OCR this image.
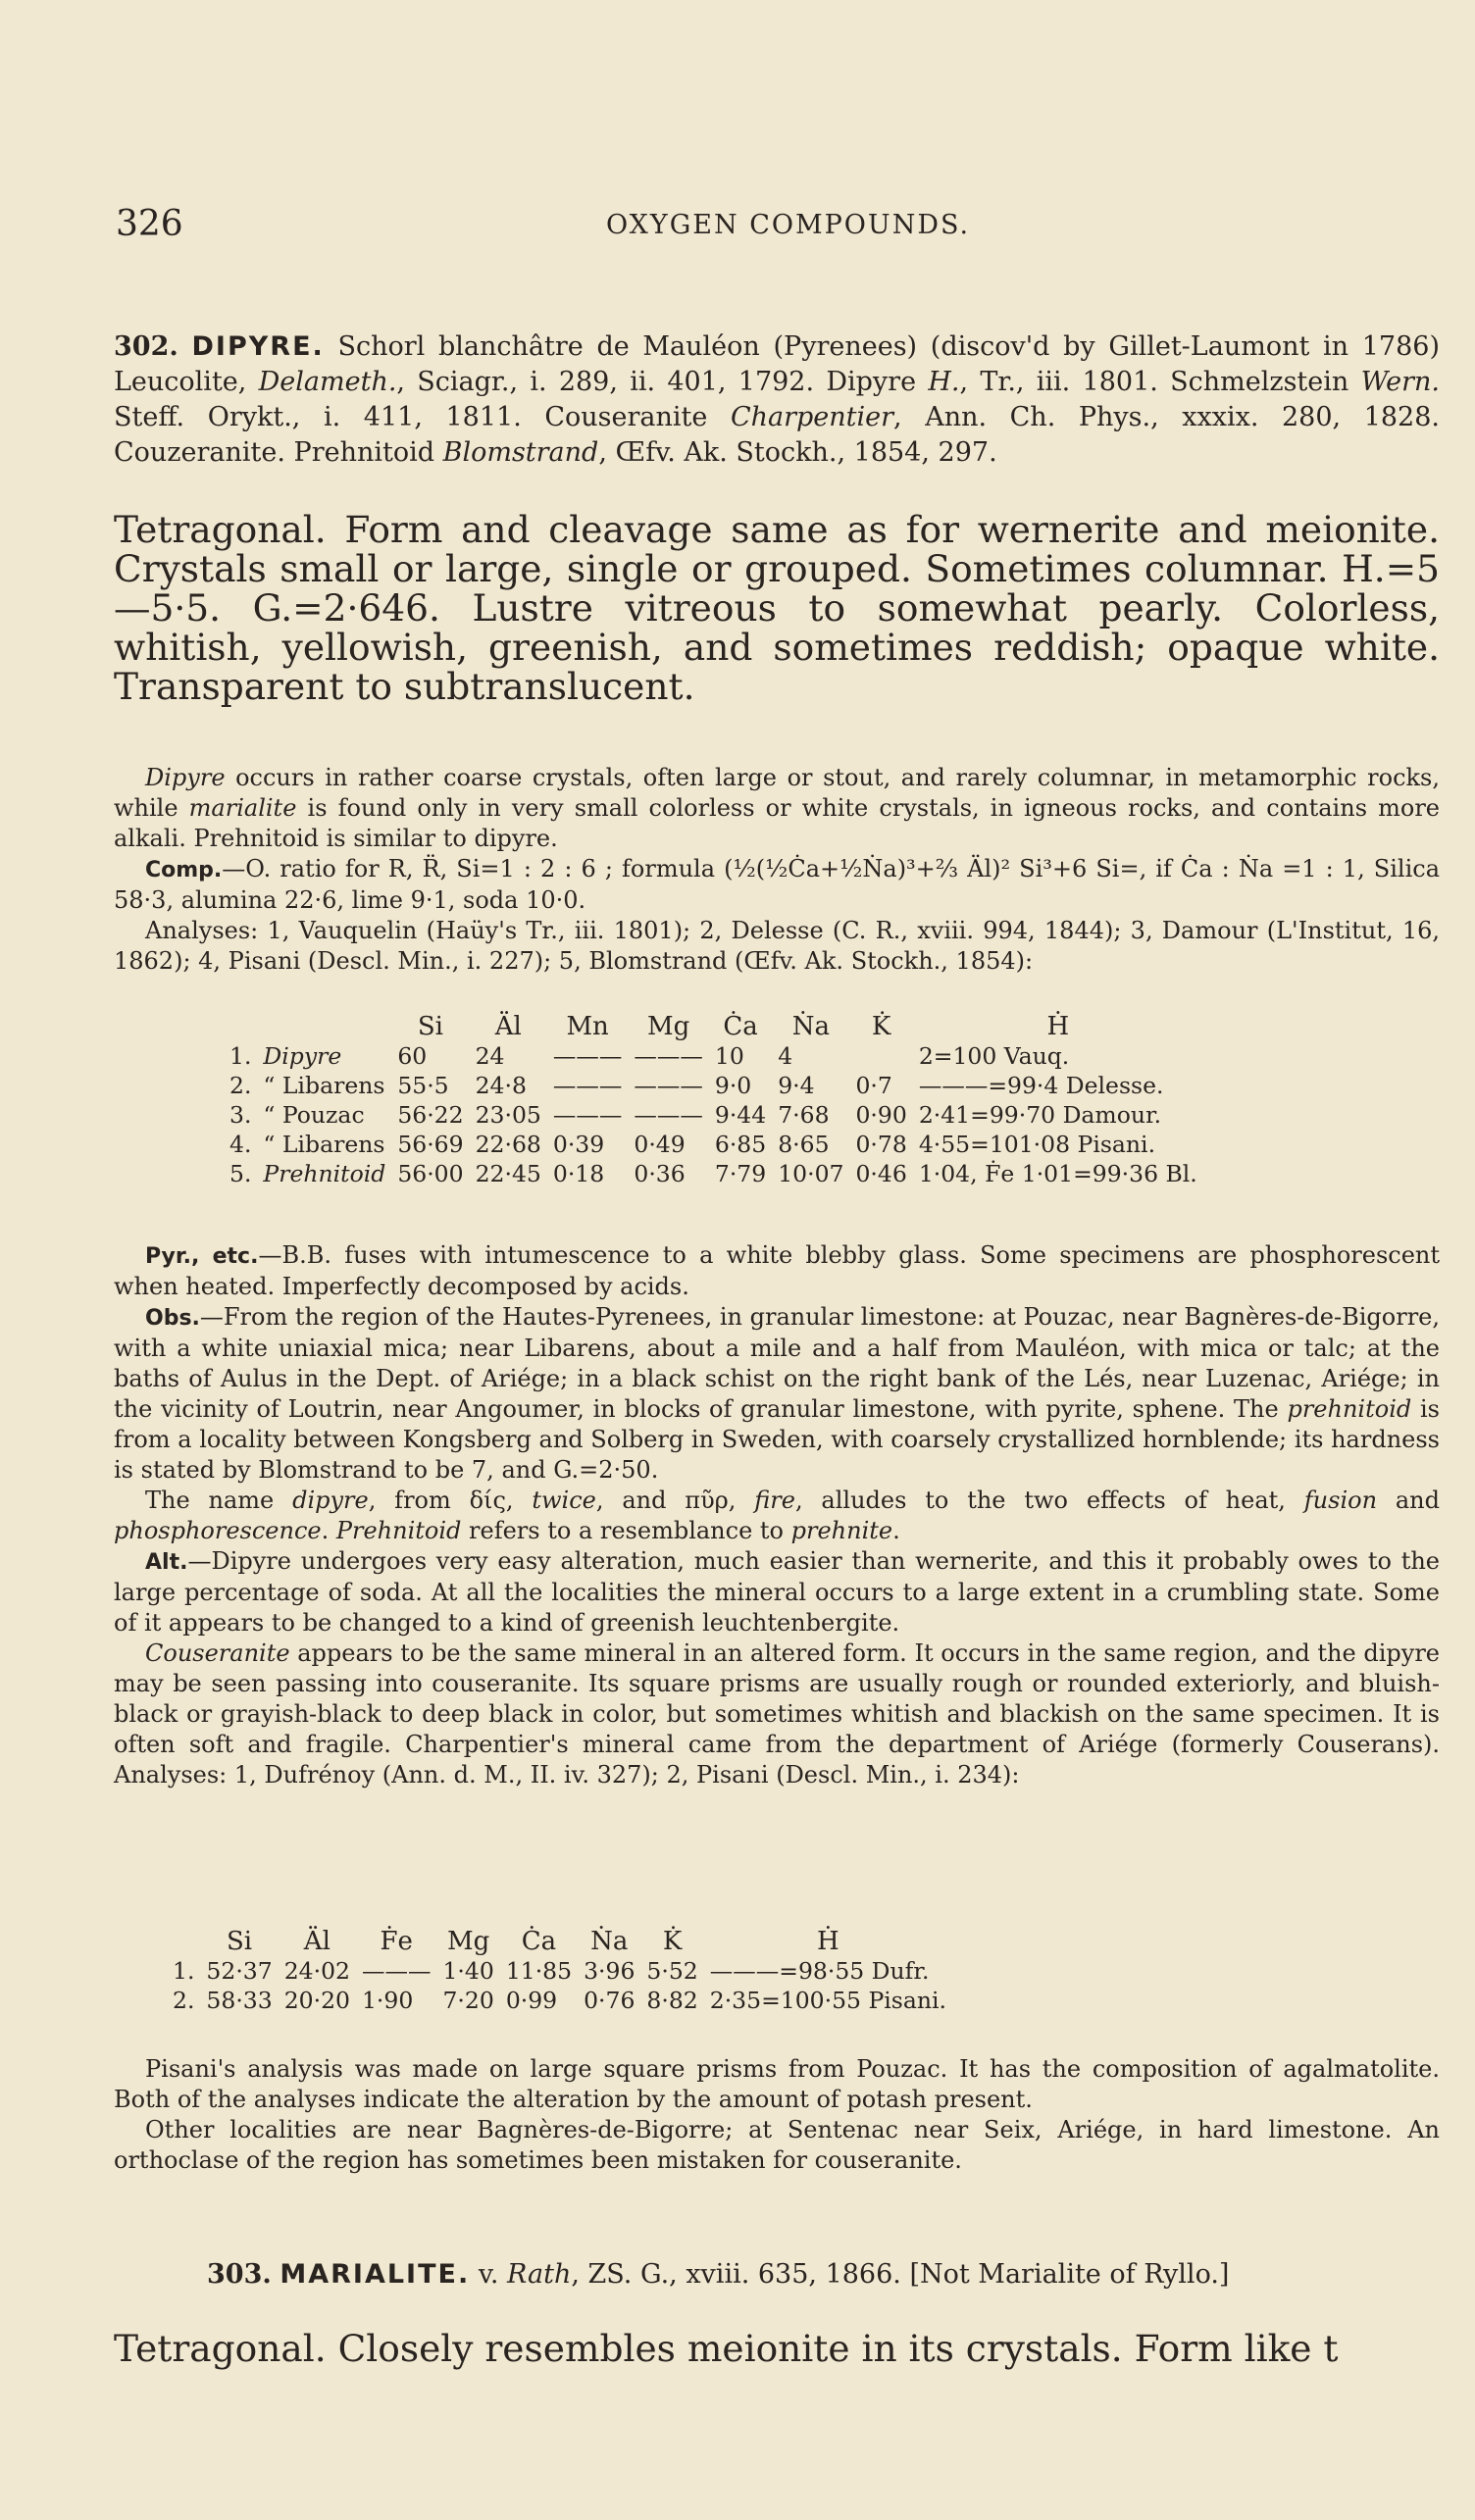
326	OXYGEN COMPOUNDS.

302. DIPYRE. Schorl blanchâtre de Mauléon (Pyrenees) (discov'd by Gillet-Laumont in 1786) Leucolite, Delameth., Sciagr., i. 289, ii. 401, 1792. Dipyre H., Tr., iii. 1801. Schmelzstein Wern. Steff. Orykt., i. 411, 1811. Couseranite Charpentier, Ann. Ch. Phys., xxxix. 280, 1828. Couzeranite. Prehnitoid Blomstrand, Œfv. Ak. Stockh., 1854, 297.

Tetragonal. Form and cleavage same as for wernerite and meionite. Crystals small or large, single or grouped. Sometimes columnar. H.=5—5·5. G.=2·646. Lustre vitreous to somewhat pearly. Colorless, whitish, yellowish, greenish, and sometimes reddish; opaque white. Transparent to subtranslucent.

Dipyre occurs in rather coarse crystals, often large or stout, and rarely columnar, in metamorphic rocks, while marialite is found only in very small colorless or white crystals, in igneous rocks, and contains more alkali. Prehnitoid is similar to dipyre.

Comp.—O. ratio for R, R̈, Si=1 : 2 : 6 ; formula (½(½Ċa+½Ṅa)³+⅔ Äl)² Si³+6 Si=, if Ċa : Ṅa =1 : 1, Silica 58·3, alumina 22·6, lime 9·1, soda 10·0.

Analyses: 1, Vauquelin (Haüy's Tr., iii. 1801); 2, Delesse (C. R., xviii. 994, 1844); 3, Damour (L'Institut, 16, 1862); 4, Pisani (Descl. Min., i. 227); 5, Blomstrand (Œfv. Ak. Stockh., 1854):

		Si	Äl	Mn	Mg	Ċa	Ṅa	K̇	Ḣ
1.	Dipyre	60	24	———	———	10	4		2=100 Vauq.
2.	“ Libarens	55·5	24·8	———	———	9·0	9·4	0·7	———=99·4 Delesse.
3.	“ Pouzac	56·22	23·05	———	———	9·44	7·68	0·90	2·41=99·70 Damour.
4.	“ Libarens	56·69	22·68	0·39	0·49	6·85	8·65	0·78	4·55=101·08 Pisani.
5.	Prehnitoid	56·00	22·45	0·18	0·36	7·79	10·07	0·46	1·04, Ḟe 1·01=99·36 Bl.

Pyr., etc.—B.B. fuses with intumescence to a white blebby glass. Some specimens are phosphorescent when heated. Imperfectly decomposed by acids.

Obs.—From the region of the Hautes-Pyrenees, in granular limestone: at Pouzac, near Bagnères-de-Bigorre, with a white uniaxial mica; near Libarens, about a mile and a half from Mauléon, with mica or talc; at the baths of Aulus in the Dept. of Ariége; in a black schist on the right bank of the Lés, near Luzenac, Ariége; in the vicinity of Loutrin, near Angoumer, in blocks of granular limestone, with pyrite, sphene. The prehnitoid is from a locality between Kongsberg and Solberg in Sweden, with coarsely crystallized hornblende; its hardness is stated by Blomstrand to be 7, and G.=2·50.

The name dipyre, from δίς, twice, and πῦρ, fire, alludes to the two effects of heat, fusion and phosphorescence. Prehnitoid refers to a resemblance to prehnite.

Alt.—Dipyre undergoes very easy alteration, much easier than wernerite, and this it probably owes to the large percentage of soda. At all the localities the mineral occurs to a large extent in a crumbling state. Some of it appears to be changed to a kind of greenish leuchtenbergite.

Couseranite appears to be the same mineral in an altered form. It occurs in the same region, and the dipyre may be seen passing into couseranite. Its square prisms are usually rough or rounded exteriorly, and bluish-black or grayish-black to deep black in color, but sometimes whitish and blackish on the same specimen. It is often soft and fragile. Charpentier's mineral came from the department of Ariége (formerly Couserans). Analyses: 1, Dufrénoy (Ann. d. M., II. iv. 327); 2, Pisani (Descl. Min., i. 234):

	Si	Äl	Ḟe	Mg	Ċa	Ṅa	K̇	Ḣ
1.	52·37	24·02	———	1·40	11·85	3·96	5·52	———=98·55 Dufr.
2.	58·33	20·20	1·90	7·20	0·99	0·76	8·82	2·35=100·55 Pisani.

Pisani's analysis was made on large square prisms from Pouzac. It has the composition of agalmatolite. Both of the analyses indicate the alteration by the amount of potash present.

Other localities are near Bagnères-de-Bigorre; at Sentenac near Seix, Ariége, in hard limestone. An orthoclase of the region has sometimes been mistaken for couseranite.

303. MARIALITE. v. Rath, ZS. G., xviii. 635, 1866. [Not Marialite of Ryllo.]

Tetragonal. Closely resembles meionite in its crystals. Form like t
